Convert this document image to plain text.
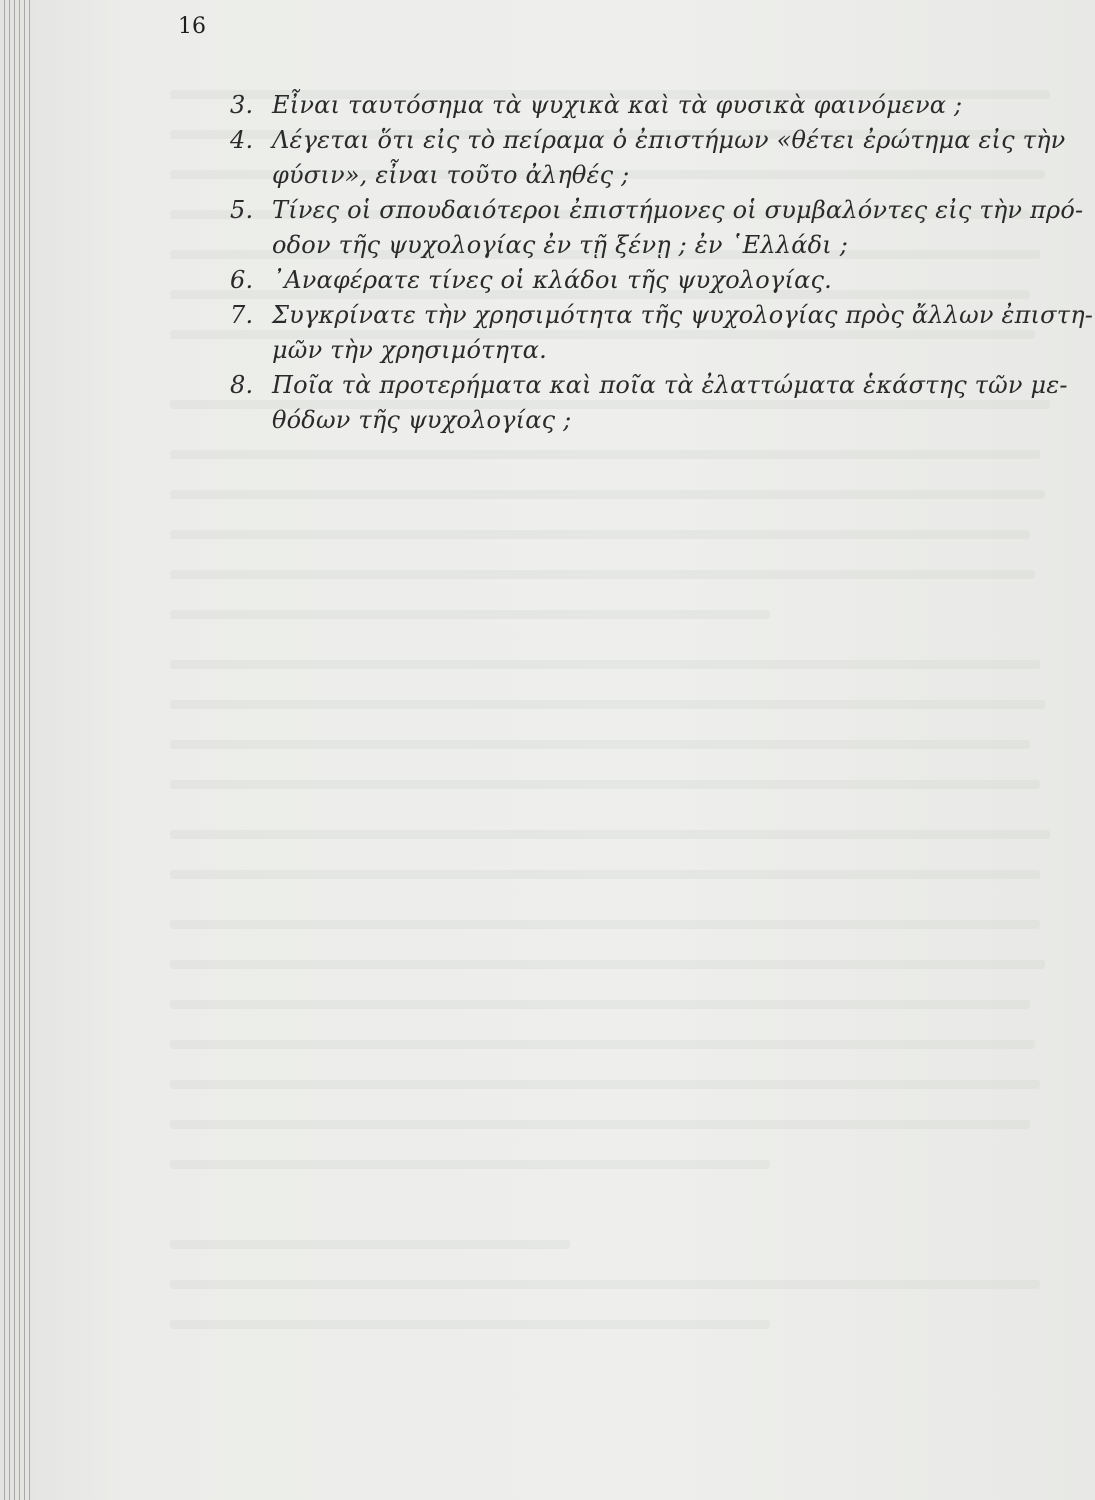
16
3. Εἶναι ταυτόσημα τὰ ψυχικὰ καὶ τὰ φυσικὰ φαινόμενα ;
4. Λέγεται ὅτι εἰς τὸ πείραμα ὁ ἐπιστήμων «θέτει ἐρώτημα εἰς τὴν
φύσιν», εἶναι τοῦτο ἀληθές ;
5. Τίνες οἱ σπουδαιότεροι ἐπιστήμονες οἱ συμβαλόντες εἰς τὴν πρό-
οδον τῆς ψυχολογίας ἐν τῇ ξένῃ ; ἐν ῾Ελλάδι ;
6. ᾿Αναφέρατε τίνες οἱ κλάδοι τῆς ψυχολογίας.
7. Συγκρίνατε τὴν χρησιμότητα τῆς ψυχολογίας πρὸς ἄλλων ἐπιστη-
μῶν τὴν χρησιμότητα.
8. Ποῖα τὰ προτερήματα καὶ ποῖα τὰ ἐλαττώματα ἑκάστης τῶν με-
θόδων τῆς ψυχολογίας ;
